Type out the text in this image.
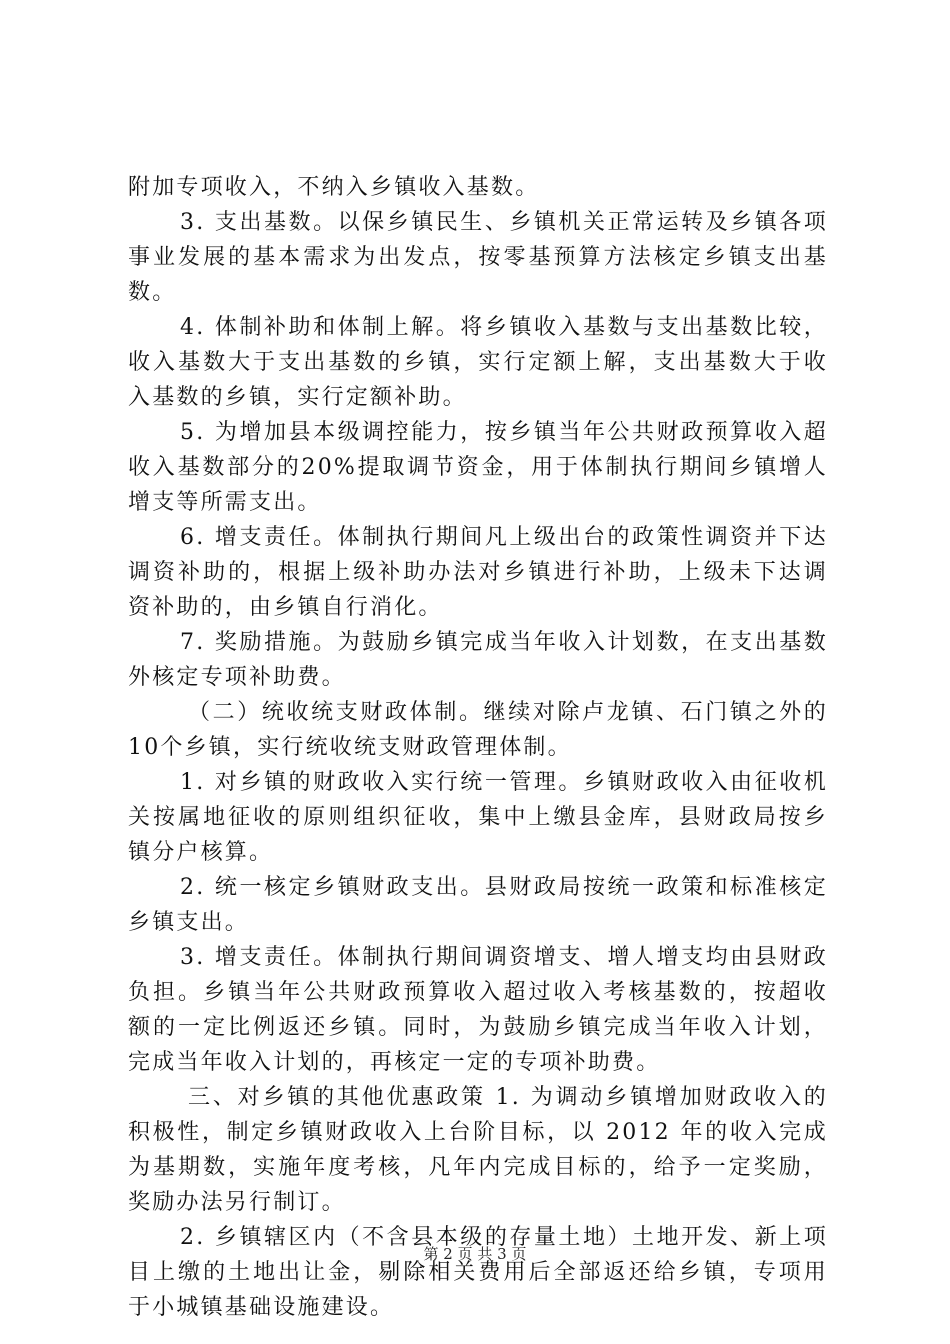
附加专项收入，不纳入乡镇收入基数。

3. 支出基数。以保乡镇民生、乡镇机关正常运转及乡镇各项事业发展的基本需求为出发点，按零基预算方法核定乡镇支出基数。

4. 体制补助和体制上解。将乡镇收入基数与支出基数比较，收入基数大于支出基数的乡镇，实行定额上解，支出基数大于收入基数的乡镇，实行定额补助。

5. 为增加县本级调控能力，按乡镇当年公共财政预算收入超收入基数部分的20%提取调节资金，用于体制执行期间乡镇增人增支等所需支出。

6. 增支责任。体制执行期间凡上级出台的政策性调资并下达调资补助的，根据上级补助办法对乡镇进行补助，上级未下达调资补助的，由乡镇自行消化。

7. 奖励措施。为鼓励乡镇完成当年收入计划数，在支出基数外核定专项补助费。

（二）统收统支财政体制。继续对除卢龙镇、石门镇之外的10个乡镇，实行统收统支财政管理体制。

1. 对乡镇的财政收入实行统一管理。乡镇财政收入由征收机关按属地征收的原则组织征收，集中上缴县金库，县财政局按乡镇分户核算。

2. 统一核定乡镇财政支出。县财政局按统一政策和标准核定乡镇支出。

3. 增支责任。体制执行期间调资增支、增人增支均由县财政负担。乡镇当年公共财政预算收入超过收入考核基数的，按超收额的一定比例返还乡镇。同时，为鼓励乡镇完成当年收入计划，完成当年收入计划的，再核定一定的专项补助费。

三、对乡镇的其他优惠政策 1. 为调动乡镇增加财政收入的积极性，制定乡镇财政收入上台阶目标，以 2012 年的收入完成为基期数，实施年度考核，凡年内完成目标的，给予一定奖励，奖励办法另行制订。

2. 乡镇辖区内（不含县本级的存量土地）土地开发、新上项目上缴的土地出让金，剔除相关费用后全部返还给乡镇，专项用于小城镇基础设施建设。

第 2 页 共 3 页
